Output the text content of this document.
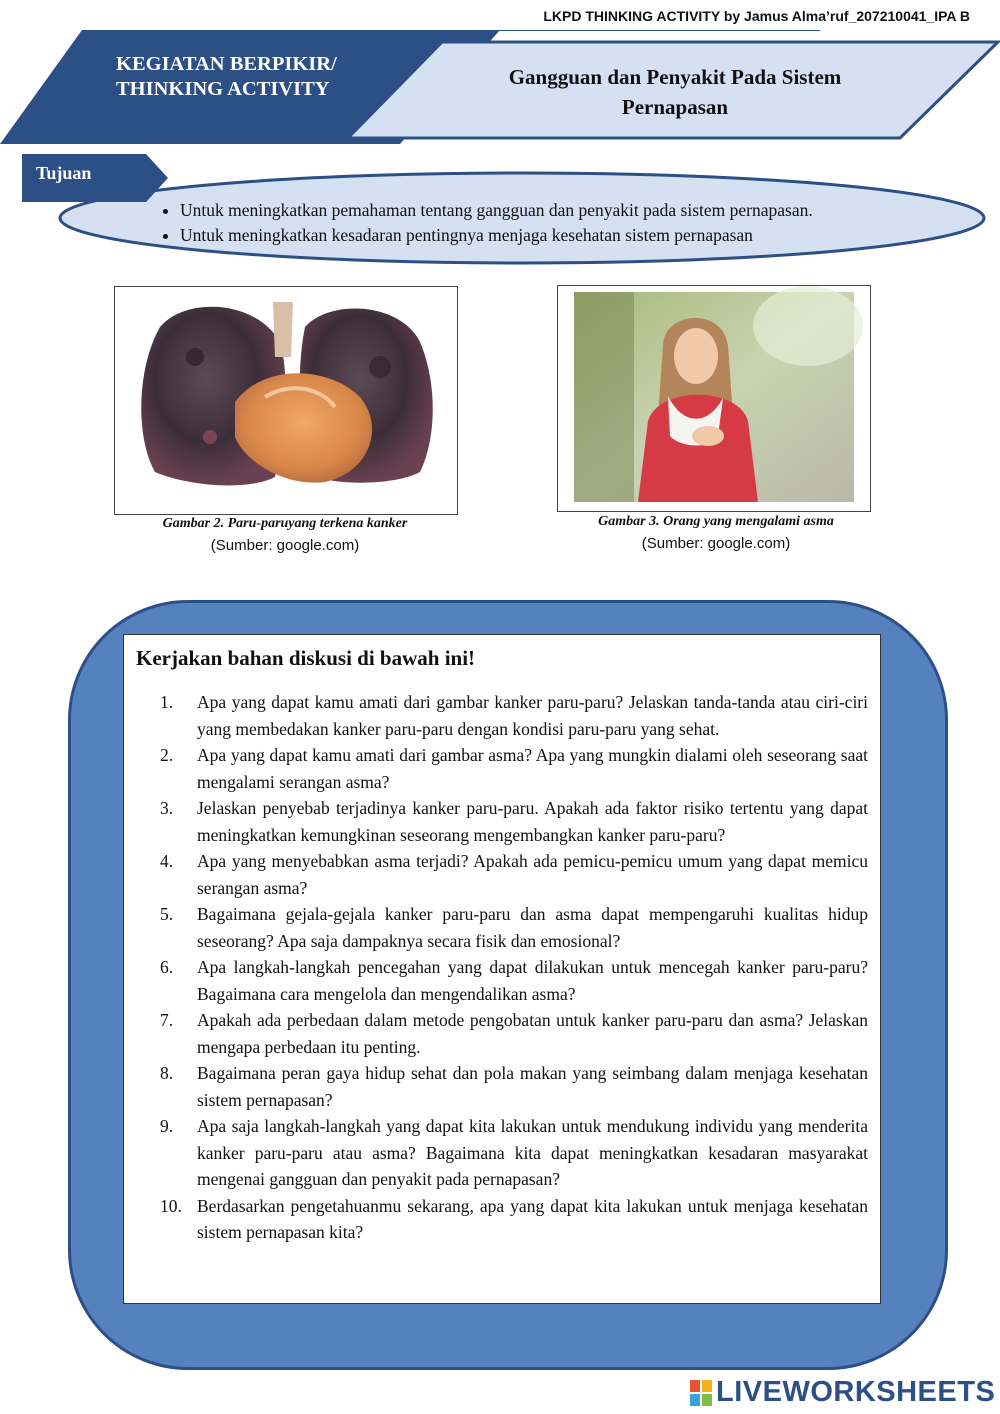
LKPD THINKING ACTIVITY by Jamus Alma’ruf_207210041_IPA B
KEGIATAN BERPIKIR/
THINKING ACTIVITY	Gangguan dan Penyakit Pada Sistem
Pernapasan
Tujuan
• Untuk meningkatkan pemahaman tentang gangguan dan penyakit pada sistem pernapasan.
• Untuk meningkatkan kesadaran pentingnya menjaga kesehatan sistem pernapasan
Gambar 2. Paru-paruyang terkena kanker
(Sumber: google.com)
Gambar 3. Orang yang mengalami asma
(Sumber: google.com)
Kerjakan bahan diskusi di bawah ini!
1.	Apa yang dapat kamu amati dari gambar kanker paru-paru? Jelaskan tanda-tanda atau ciri-ciri yang membedakan kanker paru-paru dengan kondisi paru-paru yang sehat.
2.	Apa yang dapat kamu amati dari gambar asma? Apa yang mungkin dialami oleh seseorang saat mengalami serangan asma?
3.	Jelaskan penyebab terjadinya kanker paru-paru. Apakah ada faktor risiko tertentu yang dapat meningkatkan kemungkinan seseorang mengembangkan kanker paru-paru?
4.	Apa yang menyebabkan asma terjadi? Apakah ada pemicu-pemicu umum yang dapat memicu serangan asma?
5.	Bagaimana gejala-gejala kanker paru-paru dan asma dapat mempengaruhi kualitas hidup seseorang? Apa saja dampaknya secara fisik dan emosional?
6.	Apa langkah-langkah pencegahan yang dapat dilakukan untuk mencegah kanker paru-paru? Bagaimana cara mengelola dan mengendalikan asma?
7.	Apakah ada perbedaan dalam metode pengobatan untuk kanker paru-paru dan asma? Jelaskan mengapa perbedaan itu penting.
8.	Bagaimana peran gaya hidup sehat dan pola makan yang seimbang dalam menjaga kesehatan sistem pernapasan?
9.	Apa saja langkah-langkah yang dapat kita lakukan untuk mendukung individu yang menderita kanker paru-paru atau asma? Bagaimana kita dapat meningkatkan kesadaran masyarakat mengenai gangguan dan penyakit pada pernapasan?
10. Berdasarkan pengetahuanmu sekarang, apa yang dapat kita lakukan untuk menjaga kesehatan sistem pernapasan kita?
LIVEWORKSHEETS
